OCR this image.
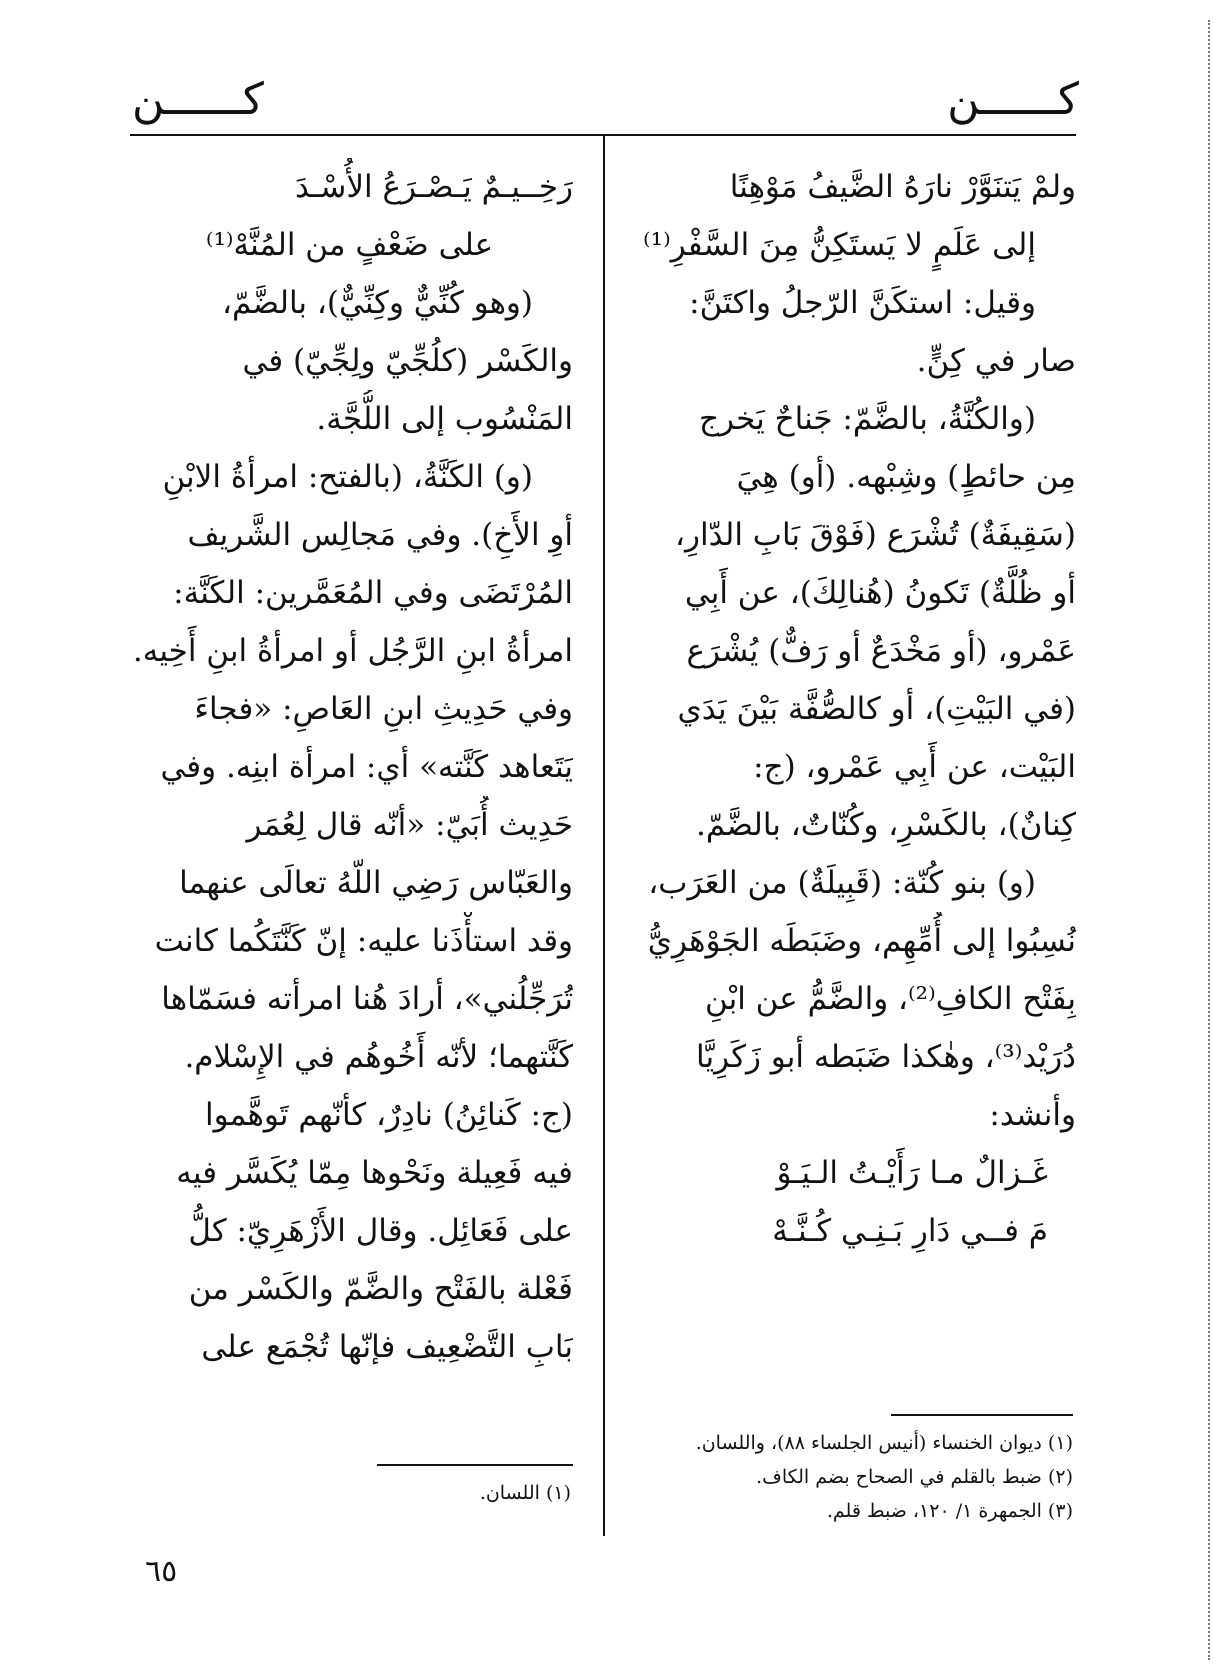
كــــــن
كــــــن
ولمْ يَتنَوَّرْ نارَهُ الضَّيفُ مَوْهِنًا
إلى عَلَمٍ لا يَستَكِنُّ مِنَ السَّفْرِ⁽¹⁾
وقيل: استكَنَّ الرّجلُ واكتَنَّ:
صار في كِنٍّ.
(والكُنَّةُ، بالضَّمّ: جَناحٌ يَخرج
مِن حائطٍ) وشِبْهه. (أو) هِيَ
(سَقِيفَةٌ) تُشْرَع (فَوْقَ بَابِ الدّارِ،
أو ظُلَّةٌ) تَكونُ (هُنالِكَ)، عن أَبِي
عَمْرو، (أو مَخْدَعٌ أو رَفٌّ) يُشْرَع
(في البَيْتِ)، أو كالصُّفَّة بَيْنَ يَدَي
البَيْت، عن أَبِي عَمْرو، (ج:
كِنانٌ)، بالكَسْرِ، وكُنّاتٌ، بالضَّمّ.
(و) بنو كُنّة: (قَبِيلَةٌ) من العَرَب،
نُسِبُوا إلى أُمِّهِم، وضَبَطَه الجَوْهَرِيُّ
بِفَتْح الكافِ⁽²⁾، والضَّمُّ عن ابْنِ
دُرَيْد⁽³⁾، وهٰكذا ضَبَطه أبو زَكَرِيَّا
وأنشد:
غَـزالٌ مـا رَأَيْـتُ الـيَـوْ
مَ فــي دَارِ بَـنِـي كُـنَّـهْ
رَخِــيـمٌ يَـصْـرَعُ الأُسْـدَ
على ضَعْفٍ من المُنَّهْ⁽¹⁾
(وهو كُنِّيٌّ وكِنِّيٌّ)، بالضَّمّ،
والكَسْر (كلُجِّيّ ولِجِّيّ) في
المَنْسُوب إلى اللُّجَّة.
(و) الكَنَّةُ، (بالفتح: امرأةُ الابْنِ
أوِ الأَخِ). وفي مَجالِس الشَّريف
المُرْتَضَى وفي المُعَمَّرين: الكَنَّة:
امرأةُ ابنِ الرَّجُل أو امرأةُ ابنِ أَخِيه.
وفي حَدِيثِ ابنِ العَاصِ: «فجاءَ
يَتَعاهد كَنَّته» أي: امرأة ابنِه. وفي
حَدِيث أُبَيّ: «أنّه قال لِعُمَر
والعَبّاس رَضِي اللّهُ تعالَى عنهما
وقد استأْذَنا عليه: إنّ كَنَّتَكُما كانت
تُرَجِّلُني»، أرادَ هُنا امرأته فسَمّاها
كَنَّتهما؛ لأنّه أَخُوهُم في الإِسْلام.
(ج: كَنائِنُ) نادِرٌ، كأنّهم تَوهَّموا
فيه فَعِيلة ونَحْوها مِمّا يُكَسَّر فيه
على فَعَائِل. وقال الأَزْهَرِيّ: كلُّ
فَعْلة بالفَتْح والضَّمّ والكَسْر من
بَابِ التَّضْعِيف فإنّها تُجْمَع على
(١) ديوان الخنساء (أنيس الجلساء ٨٨)، واللسان.
(٢) ضبط بالقلم في الصحاح بضم الكاف.
(٣) الجمهرة ١/ ١٢٠، ضبط قلم.
(١) اللسان.
٦٥
